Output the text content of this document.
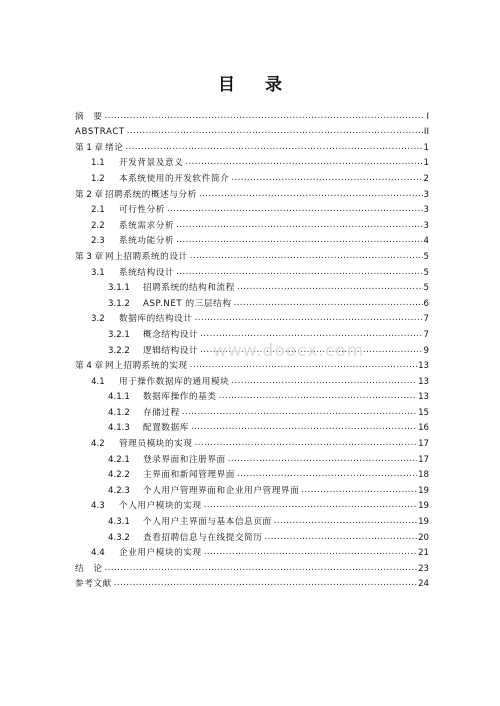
目 录
摘　要 .....	I
ABSTRACT .....	II
第 1 章 绪论 .....	1
1.1	开发背景及意义 .....	1
1.2	本系统使用的开发软件简介 .....	2
第 2 章 招聘系统的概述与分析 .....	3
2.1	可行性分析 .....	3
2.2	系统需求分析 .....	3
2.3	系统功能分析 .....	4
第 3 章 网上招聘系统的设计 .....	5
3.1	系统结构设计 .....	5
3.1.1	招聘系统的结构和流程 .....	5
3.1.2	ASP.NET 的三层结构 .....	6
3.2	数据库的结构设计 .....	7
3.2.1	概念结构设计 .....	7
3.2.2	逻辑结构设计 .....	9
第 4 章 网上招聘系统的实现 .....	13
4.1	用于操作数据库的通用模块 .....	13
4.1.1	数据库操作的基类 .....	13
4.1.2	存储过程 .....	15
4.1.3	配置数据库 .....	16
4.2	管理员模块的实现 .....	17
4.2.1	登录界面和注册界面 .....	17
4.2.2	主界面和新闻管理界面 .....	18
4.2.3	个人用户管理界面和企业用户管理界面 .....	19
4.3	个人用户模块的实现 .....	19
4.3.1	个人用户主界面与基本信息页面 .....	19
4.3.2	查看招聘信息与在线提交简历 .....	20
4.4	企业用户模块的实现 .....	21
结　论 .....	23
参考文献 .....	24
www.doocx.com
